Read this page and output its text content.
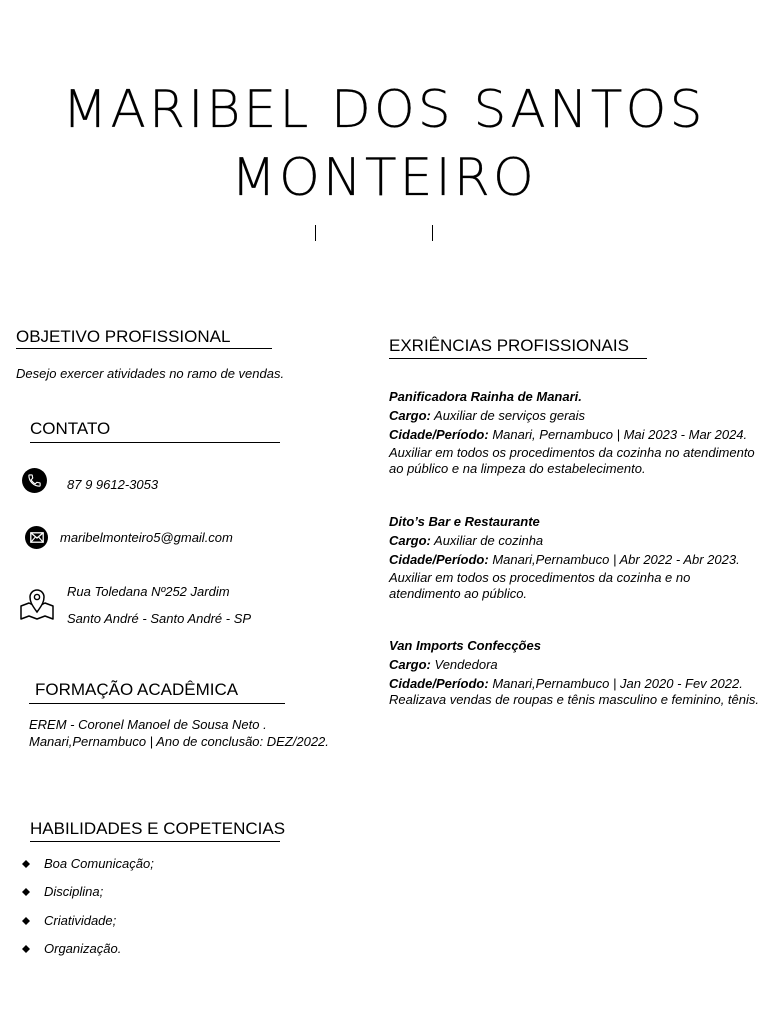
MARIBEL DOS SANTOS
MONTEIRO
OBJETIVO PROFISSIONAL
Desejo exercer atividades no ramo de vendas.
CONTATO
87 9 9612-3053
maribelmonteiro5@gmail.com
Rua Toledana Nº252 Jardim
Santo André - Santo André - SP
FORMAÇÃO ACADÊMICA
EREM - Coronel Manoel de Sousa Neto .
Manari,Pernambuco | Ano de conclusão: DEZ/2022.
HABILIDADES E COPETENCIAS
Boa Comunicação;
Disciplina;
Criatividade;
Organização.
EXRIÊNCIAS PROFISSIONAIS
Panificadora Rainha de Manari.
Cargo: Auxiliar de serviços gerais
Cidade/Período: Manari, Pernambuco | Mai 2023 - Mar 2024.
Auxiliar em todos os procedimentos da cozinha no atendimento ao público e na limpeza do estabelecimento.
Dito’s Bar e Restaurante
Cargo: Auxiliar de cozinha
Cidade/Período: Manari,Pernambuco | Abr 2022 - Abr 2023.
Auxiliar em todos os procedimentos da cozinha e no atendimento ao público.
Van Imports Confecções
Cargo: Vendedora
Cidade/Período: Manari,Pernambuco | Jan 2020 - Fev 2022.
Realizava vendas de roupas e tênis masculino e feminino, tênis.
